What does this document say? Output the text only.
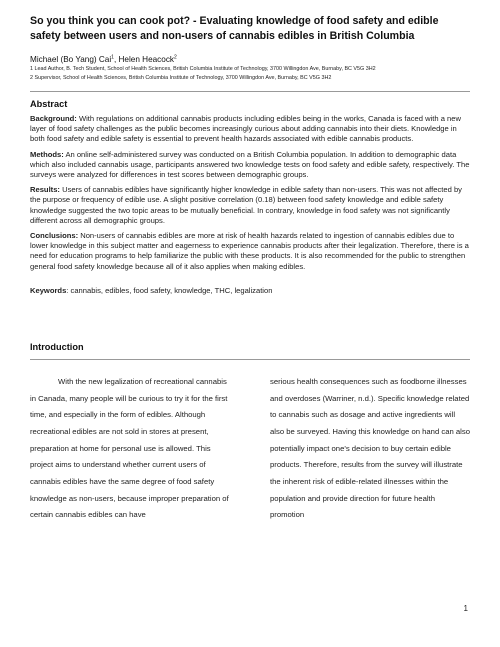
So you think you can cook pot? - Evaluating knowledge of food safety and edible safety between users and non-users of cannabis edibles in British Columbia
Michael (Bo Yang) Cai$^1$, Helen Heacock$^2$
1 Lead Author, B. Tech Student, School of Health Sciences, British Columbia Institute of Technology, 3700 Willingdon Ave, Burnaby, BC V5G 3H2
2 Supervisor, School of Health Sciences, British Columbia Institute of Technology, 3700 Willingdon Ave, Burnaby, BC V5G 3H2
Abstract

Background: With regulations on additional cannabis products including edibles being in the works, Canada is faced with a new layer of food safety challenges as the public becomes increasingly curious about adding cannabis into their diets. Knowledge in both food safety and edible safety is essential to prevent health hazards associated with edible cannabis products.

Methods: An online self-administered survey was conducted on a British Columbia population. In addition to demographic data which also included cannabis usage, participants answered two knowledge tests on food safety and edible safety, respectively. The surveys were analyzed for differences in test scores between demographic groups.

Results: Users of cannabis edibles have significantly higher knowledge in edible safety than non-users. This was not affected by the purpose or frequency of edible use. A slight positive correlation (0.18) between food safety knowledge and edible safety knowledge suggested the two topic areas to be mutually beneficial. In contrary, knowledge in food safety was not significantly different across all demographic groups.

Conclusions: Non-users of cannabis edibles are more at risk of health hazards related to ingestion of cannabis edibles due to lower knowledge in this subject matter and eagerness to experience cannabis products after their legalization. Therefore, there is a need for education programs to help familiarize the public with these products. It is also recommended for the public to strengthen general food safety knowledge because all of it also applies when making edibles.

Keywords: cannabis, edibles, food safety, knowledge, THC, legalization
Introduction

With the new legalization of recreational cannabis in Canada, many people will be curious to try it for the first time, and especially in the form of edibles. Although recreational edibles are not sold in stores at present, preparation at home for personal use is allowed. This project aims to understand whether current users of cannabis edibles have the same degree of food safety knowledge as non-users, because improper preparation of certain cannabis edibles can have

serious health consequences such as foodborne illnesses and overdoses (Warriner, n.d.). Specific knowledge related to cannabis such as dosage and active ingredients will also be surveyed. Having this knowledge on hand can also potentially impact one's decision to buy certain edible products. Therefore, results from the survey will illustrate the inherent risk of edible-related illnesses within the population and provide direction for future health promotion

1
